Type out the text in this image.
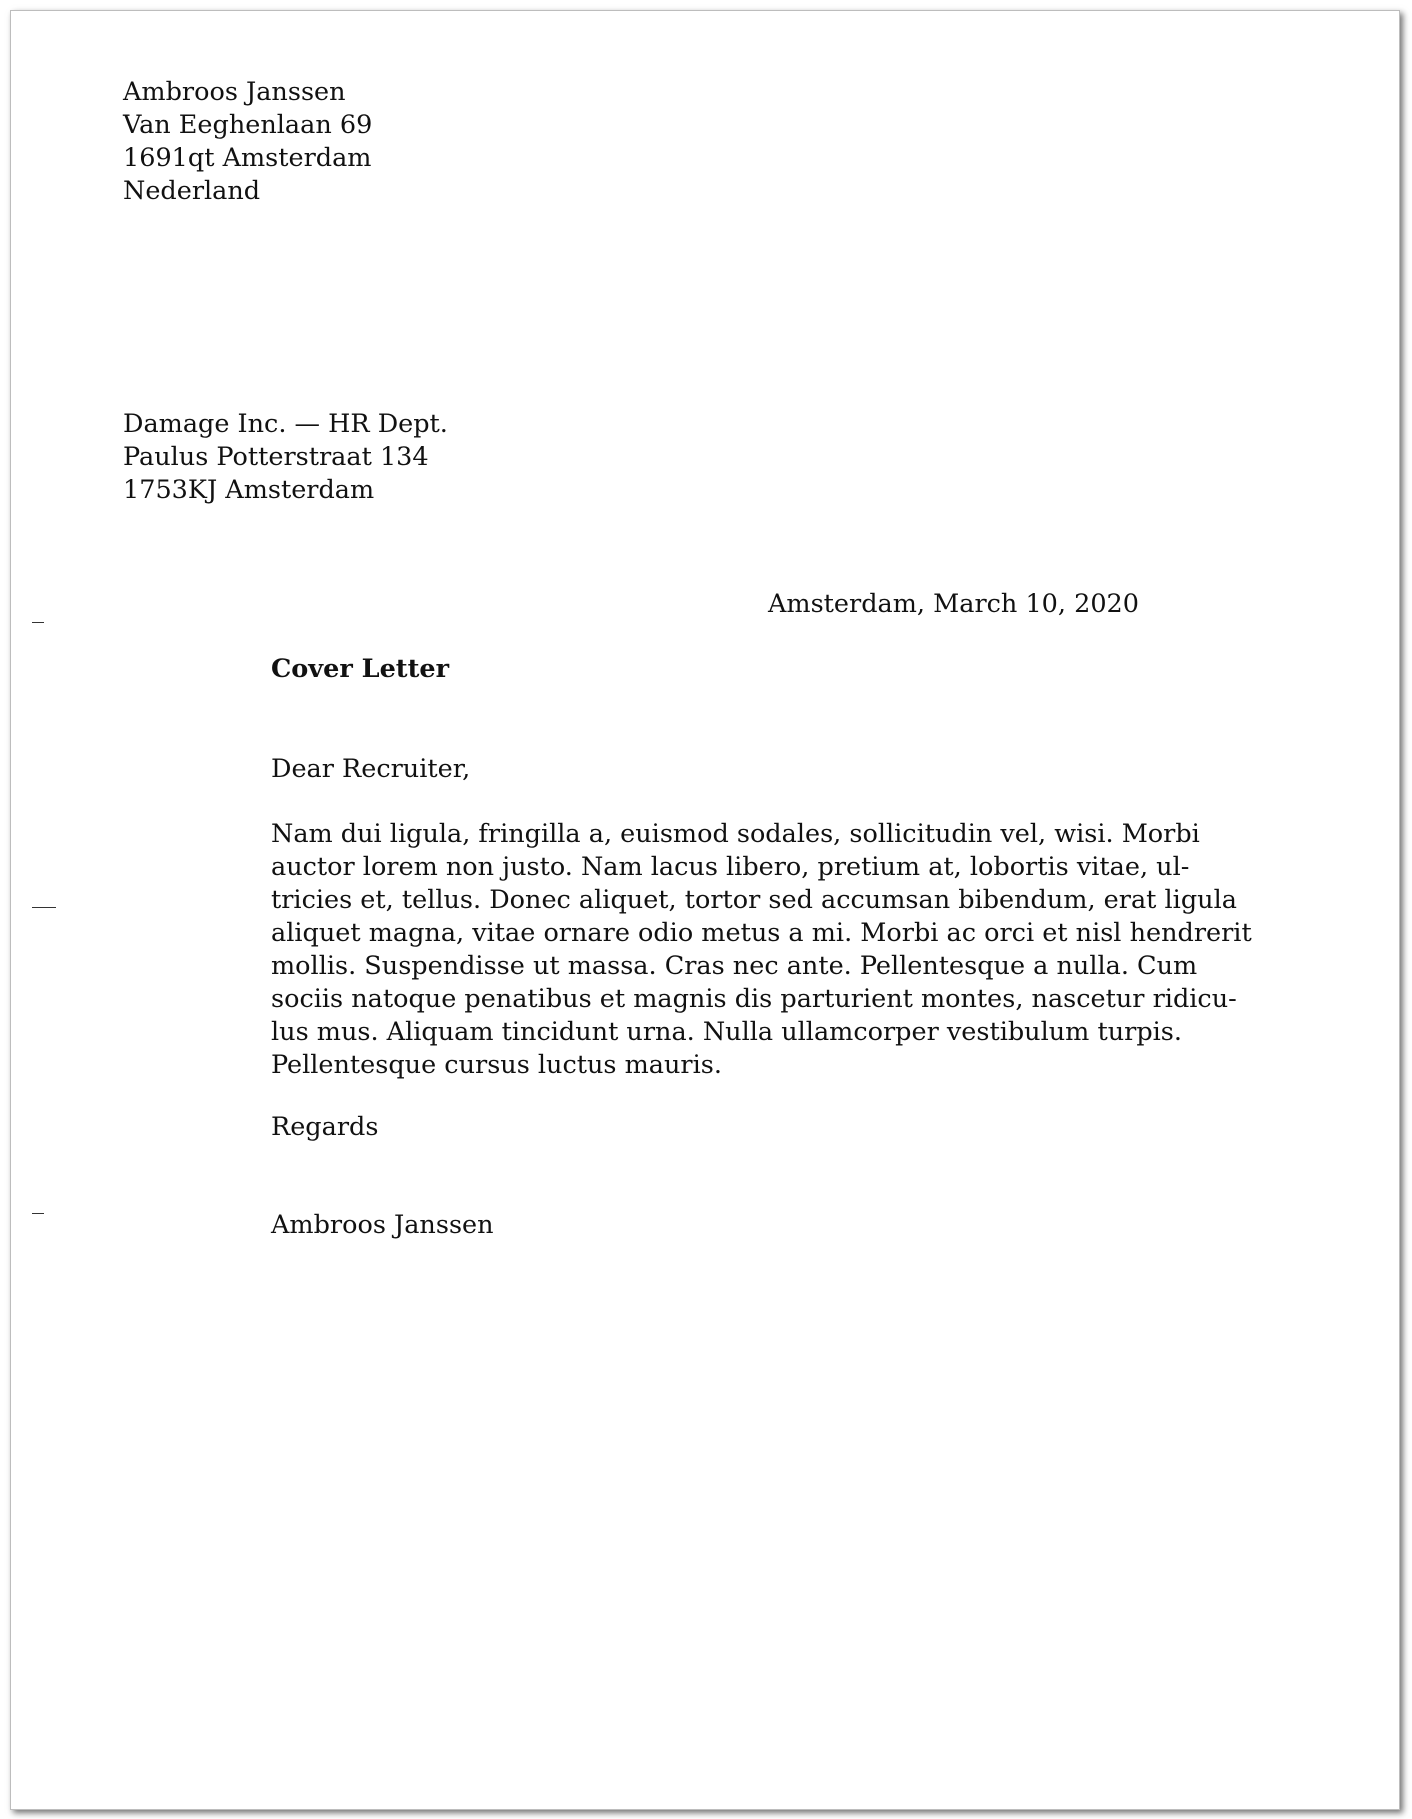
Ambroos Janssen
Van Eeghenlaan 69
1691qt Amsterdam
Nederland
Damage Inc. — HR Dept.
Paulus Potterstraat 134
1753KJ Amsterdam
Amsterdam, March 10, 2020
Cover Letter
Dear Recruiter,
Nam dui ligula, fringilla a, euismod sodales, sollicitudin vel, wisi. Morbi
auctor lorem non justo. Nam lacus libero, pretium at, lobortis vitae, ul-
tricies et, tellus. Donec aliquet, tortor sed accumsan bibendum, erat ligula
aliquet magna, vitae ornare odio metus a mi. Morbi ac orci et nisl hendrerit
mollis. Suspendisse ut massa. Cras nec ante. Pellentesque a nulla. Cum
sociis natoque penatibus et magnis dis parturient montes, nascetur ridicu-
lus mus. Aliquam tincidunt urna. Nulla ullamcorper vestibulum turpis.
Pellentesque cursus luctus mauris.
Regards
Ambroos Janssen
